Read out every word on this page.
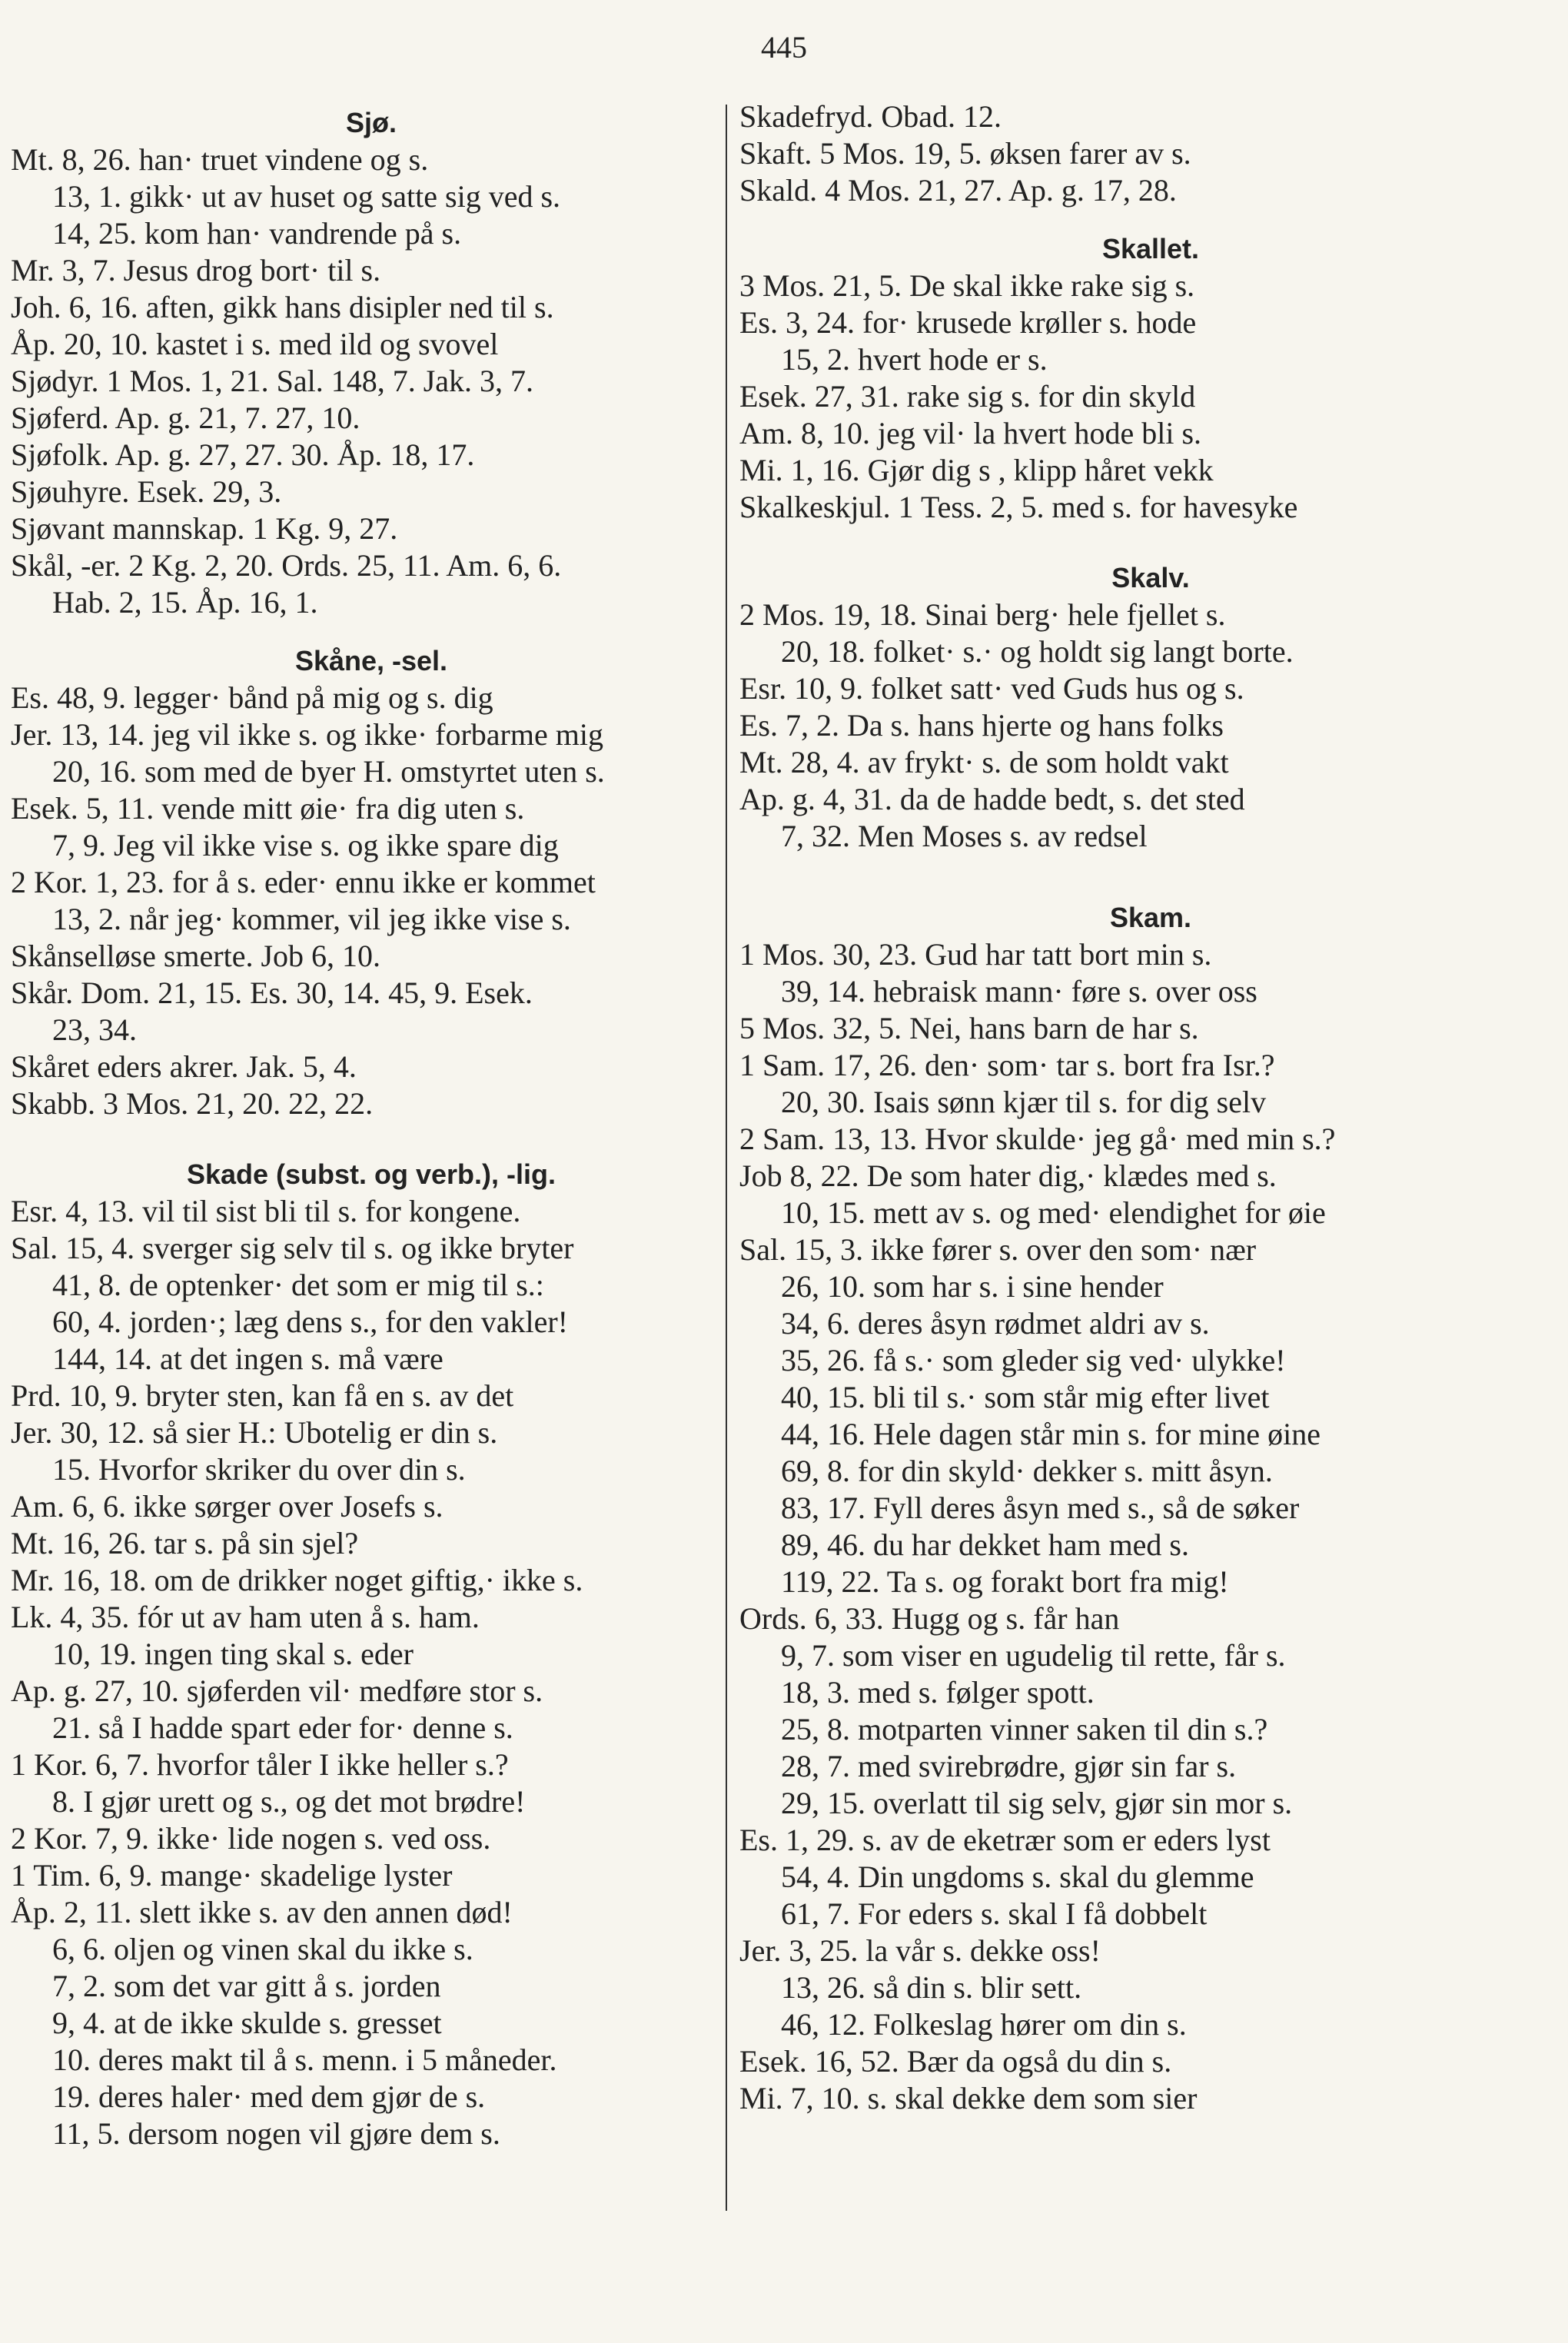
445
Sjø.
Mt. 8, 26. han· truet vindene og s.
13, 1. gikk· ut av huset og satte sig ved s.
14, 25. kom han· vandrende på s.
Mr. 3, 7. Jesus drog bort· til s.
Joh. 6, 16. aften, gikk hans disipler ned til s.
Åp. 20, 10. kastet i s. med ild og svovel
Sjødyr. 1 Mos. 1, 21. Sal. 148, 7. Jak. 3, 7.
Sjøferd. Ap. g. 21, 7. 27, 10.
Sjøfolk. Ap. g. 27, 27. 30. Åp. 18, 17.
Sjøuhyre. Esek. 29, 3.
Sjøvant mannskap. 1 Kg. 9, 27.
Skål, -er. 2 Kg. 2, 20. Ords. 25, 11. Am. 6, 6.
Hab. 2, 15. Åp. 16, 1.
Skåne, -sel.
Es. 48, 9. legger· bånd på mig og s. dig
Jer. 13, 14. jeg vil ikke s. og ikke· forbarme mig
20, 16. som med de byer H. omstyrtet uten s.
Esek. 5, 11. vende mitt øie· fra dig uten s.
7, 9. Jeg vil ikke vise s. og ikke spare dig
2 Kor. 1, 23. for å s. eder· ennu ikke er kommet
13, 2. når jeg· kommer, vil jeg ikke vise s.
Skånselløse smerte. Job 6, 10.
Skår. Dom. 21, 15. Es. 30, 14. 45, 9. Esek.
23, 34.
Skåret eders akrer. Jak. 5, 4.
Skabb. 3 Mos. 21, 20. 22, 22.
Skade (subst. og verb.), -lig.
Esr. 4, 13. vil til sist bli til s. for kongene.
Sal. 15, 4. sverger sig selv til s. og ikke bryter
41, 8. de optenker· det som er mig til s.:
60, 4. jorden·; læg dens s., for den vakler!
144, 14. at det ingen s. må være
Prd. 10, 9. bryter sten, kan få en s. av det
Jer. 30, 12. så sier H.: Ubotelig er din s.
15. Hvorfor skriker du over din s.
Am. 6, 6. ikke sørger over Josefs s.
Mt. 16, 26. tar s. på sin sjel?
Mr. 16, 18. om de drikker noget giftig,· ikke s.
Lk. 4, 35. fór ut av ham uten å s. ham.
10, 19. ingen ting skal s. eder
Ap. g. 27, 10. sjøferden vil· medføre stor s.
21. så I hadde spart eder for· denne s.
1 Kor. 6, 7. hvorfor tåler I ikke heller s.?
8. I gjør urett og s., og det mot brødre!
2 Kor. 7, 9. ikke· lide nogen s. ved oss.
1 Tim. 6, 9. mange· skadelige lyster
Åp. 2, 11. slett ikke s. av den annen død!
6, 6. oljen og vinen skal du ikke s.
7, 2. som det var gitt å s. jorden
9, 4. at de ikke skulde s. gresset
10. deres makt til å s. menn. i 5 måneder.
19. deres haler· med dem gjør de s.
11, 5. dersom nogen vil gjøre dem s.
Skadefryd. Obad. 12.
Skaft. 5 Mos. 19, 5. øksen farer av s.
Skald. 4 Mos. 21, 27. Ap. g. 17, 28.
Skallet.
3 Mos. 21, 5. De skal ikke rake sig s.
Es. 3, 24. for· krusede krøller s. hode
15, 2. hvert hode er s.
Esek. 27, 31. rake sig s. for din skyld
Am. 8, 10. jeg vil· la hvert hode bli s.
Mi. 1, 16. Gjør dig s , klipp håret vekk
Skalkeskjul. 1 Tess. 2, 5. med s. for havesyke
Skalv.
2 Mos. 19, 18. Sinai berg· hele fjellet s.
20, 18. folket· s.· og holdt sig langt borte.
Esr. 10, 9. folket satt· ved Guds hus og s.
Es. 7, 2. Da s. hans hjerte og hans folks
Mt. 28, 4. av frykt· s. de som holdt vakt
Ap. g. 4, 31. da de hadde bedt, s. det sted
7, 32. Men Moses s. av redsel
Skam.
1 Mos. 30, 23. Gud har tatt bort min s.
39, 14. hebraisk mann· føre s. over oss
5 Mos. 32, 5. Nei, hans barn de har s.
1 Sam. 17, 26. den· som· tar s. bort fra Isr.?
20, 30. Isais sønn kjær til s. for dig selv
2 Sam. 13, 13. Hvor skulde· jeg gå· med min s.?
Job 8, 22. De som hater dig,· klædes med s.
10, 15. mett av s. og med· elendighet for øie
Sal. 15, 3. ikke fører s. over den som· nær
26, 10. som har s. i sine hender
34, 6. deres åsyn rødmet aldri av s.
35, 26. få s.· som gleder sig ved· ulykke!
40, 15. bli til s.· som står mig efter livet
44, 16. Hele dagen står min s. for mine øine
69, 8. for din skyld· dekker s. mitt åsyn.
83, 17. Fyll deres åsyn med s., så de søker
89, 46. du har dekket ham med s.
119, 22. Ta s. og forakt bort fra mig!
Ords. 6, 33. Hugg og s. får han
9, 7. som viser en ugudelig til rette, får s.
18, 3. med s. følger spott.
25, 8. motparten vinner saken til din s.?
28, 7. med svirebrødre, gjør sin far s.
29, 15. overlatt til sig selv, gjør sin mor s.
Es. 1, 29. s. av de eketrær som er eders lyst
54, 4. Din ungdoms s. skal du glemme
61, 7. For eders s. skal I få dobbelt
Jer. 3, 25. la vår s. dekke oss!
13, 26. så din s. blir sett.
46, 12. Folkeslag hører om din s.
Esek. 16, 52. Bær da også du din s.
Mi. 7, 10. s. skal dekke dem som sier
